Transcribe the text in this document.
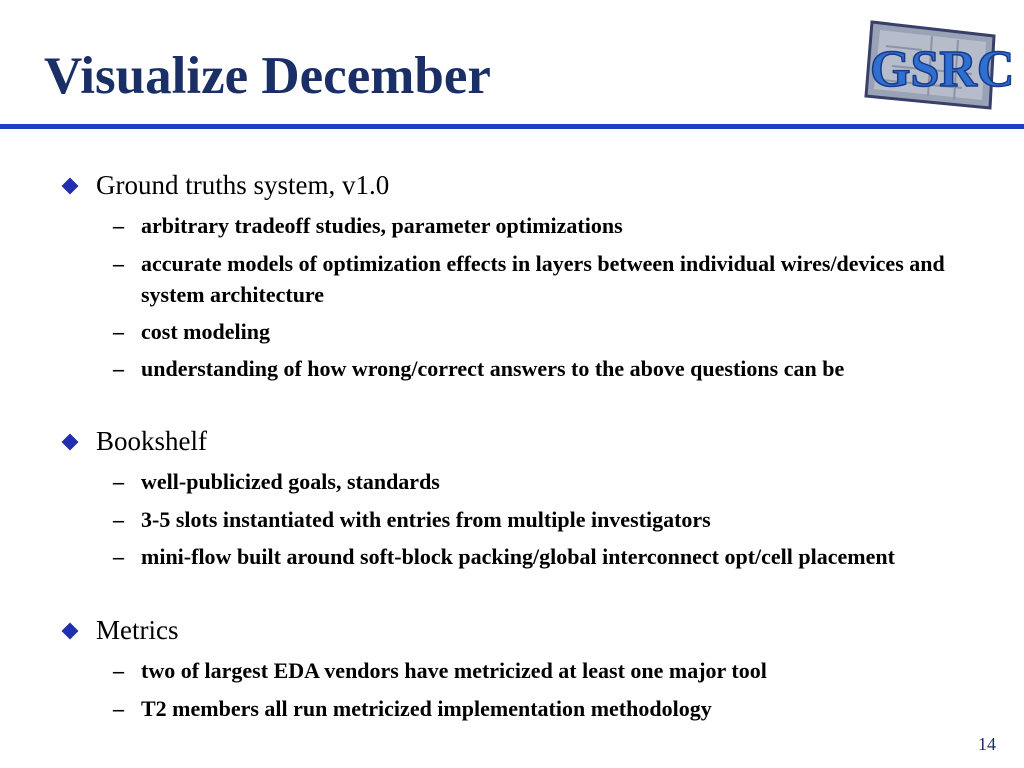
Visualize December	GSRC
Ground truths system, v1.0
– arbitrary tradeoff studies, parameter optimizations
– accurate models of optimization effects in layers between individual wires/devices and system architecture
– cost modeling
– understanding of how wrong/correct answers to the above questions can be
Bookshelf
– well-publicized goals, standards
– 3-5 slots instantiated with entries from multiple investigators
– mini-flow built around soft-block packing/global interconnect opt/cell placement
Metrics
– two of largest EDA vendors have metricized at least one major tool
– T2 members all run metricized implementation methodology
14
